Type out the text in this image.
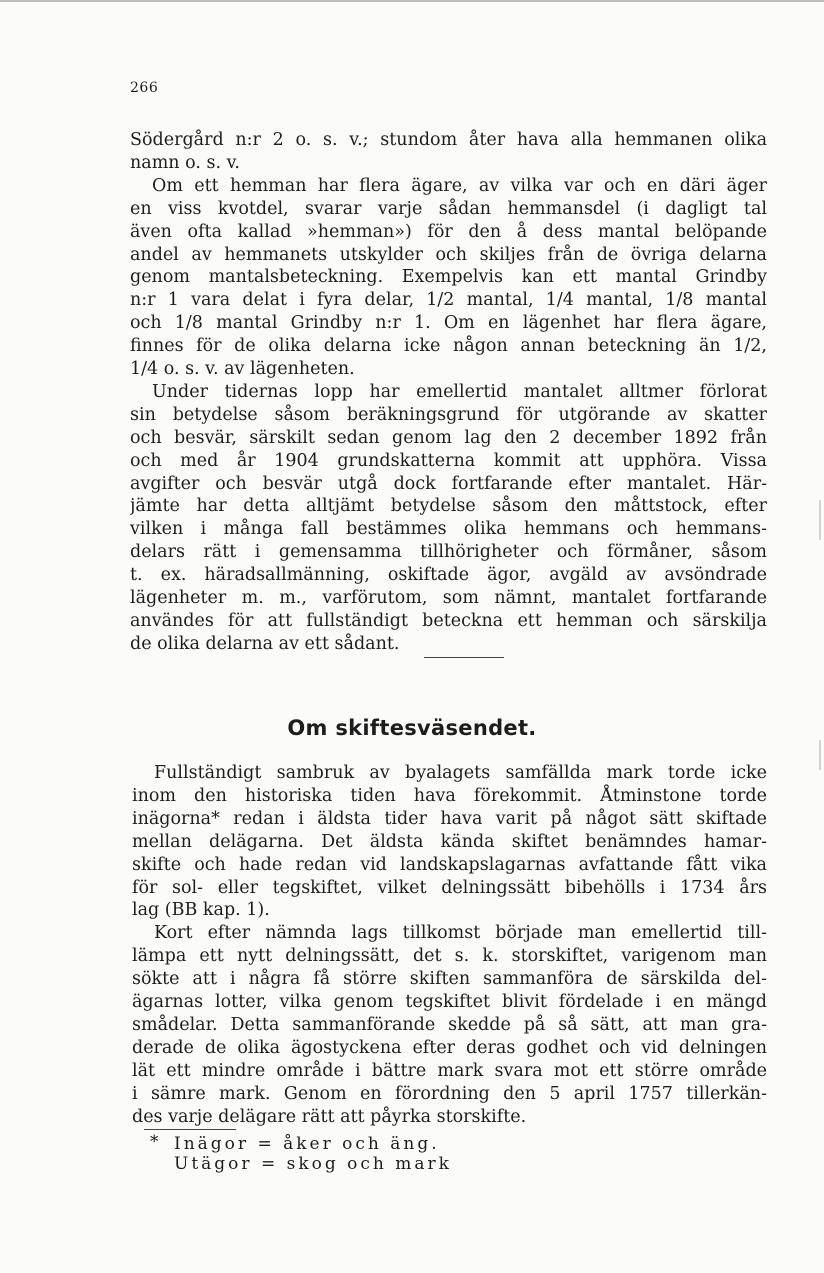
266
Södergård n:r 2 o. s. v.; stundom åter hava alla hemmanen olika
namn o. s. v.
Om ett hemman har flera ägare, av vilka var och en däri äger
en viss kvotdel, svarar varje sådan hemmansdel (i dagligt tal
även ofta kallad »hemman») för den å dess mantal belöpande
andel av hemmanets utskylder och skiljes från de övriga delarna
genom mantalsbeteckning. Exempelvis kan ett mantal Grindby
n:r 1 vara delat i fyra delar, 1/2 mantal, 1/4 mantal, 1/8 mantal
och 1/8 mantal Grindby n:r 1. Om en lägenhet har flera ägare,
finnes för de olika delarna icke någon annan beteckning än 1/2,
1/4 o. s. v. av lägenheten.
Under tidernas lopp har emellertid mantalet alltmer förlorat
sin betydelse såsom beräkningsgrund för utgörande av skatter
och besvär, särskilt sedan genom lag den 2 december 1892 från
och med år 1904 grundskatterna kommit att upphöra. Vissa
avgifter och besvär utgå dock fortfarande efter mantalet. Här-
jämte har detta alltjämt betydelse såsom den måttstock, efter
vilken i många fall bestämmes olika hemmans och hemmans-
delars rätt i gemensamma tillhörigheter och förmåner, såsom
t. ex. häradsallmänning, oskiftade ägor, avgäld av avsöndrade
lägenheter m. m., varförutom, som nämnt, mantalet fortfarande
användes för att fullständigt beteckna ett hemman och särskilja
de olika delarna av ett sådant.
Om skiftesväsendet.
Fullständigt sambruk av byalagets samfällda mark torde icke
inom den historiska tiden hava förekommit. Åtminstone torde
inägorna* redan i äldsta tider hava varit på något sätt skiftade
mellan delägarna. Det äldsta kända skiftet benämndes hamar-
skifte och hade redan vid landskapslagarnas avfattande fått vika
för sol- eller tegskiftet, vilket delningssätt bibehölls i 1734 års
lag (BB kap. 1).
Kort efter nämnda lags tillkomst började man emellertid till-
lämpa ett nytt delningssätt, det s. k. storskiftet, varigenom man
sökte att i några få större skiften sammanföra de särskilda del-
ägarnas lotter, vilka genom tegskiftet blivit fördelade i en mängd
smådelar. Detta sammanförande skedde på så sätt, att man gra-
derade de olika ägostyckena efter deras godhet och vid delningen
lät ett mindre område i bättre mark svara mot ett större område
i sämre mark. Genom en förordning den 5 april 1757 tillerkän-
des varje delägare rätt att påyrka storskifte.
* Inägor = åker och äng.
Utägor = skog och mark
